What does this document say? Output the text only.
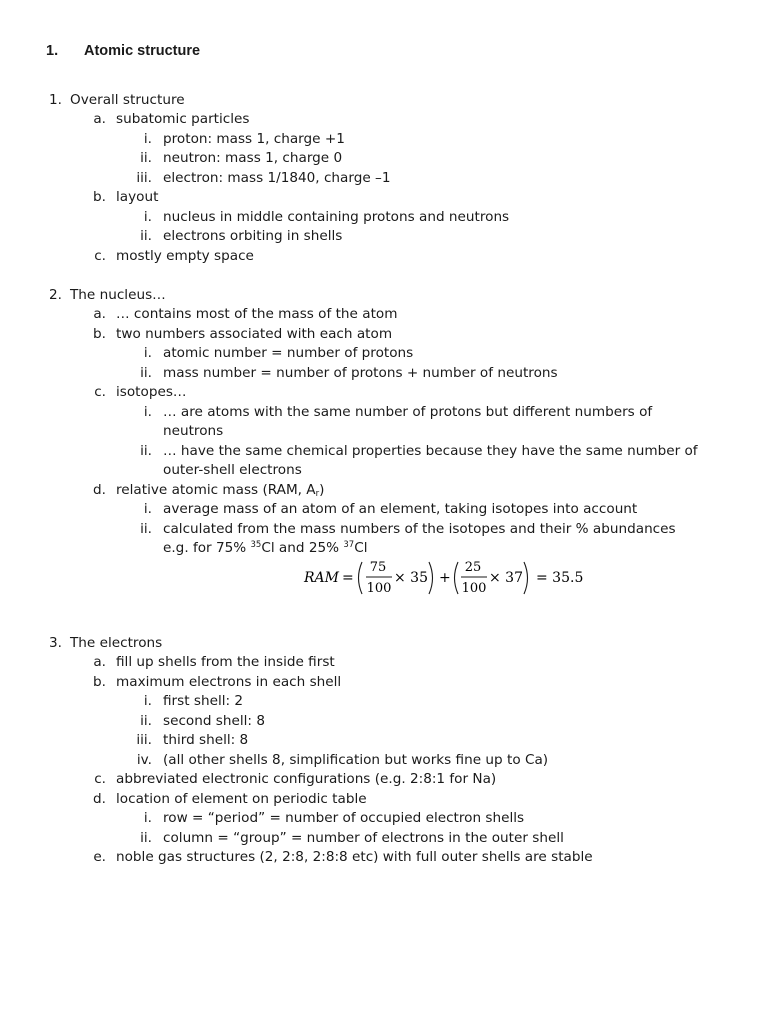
1. Atomic structure
1. Overall structure
a. subatomic particles
i. proton: mass 1, charge +1
ii. neutron: mass 1, charge 0
iii. electron: mass 1/1840, charge –1
b. layout
i. nucleus in middle containing protons and neutrons
ii. electrons orbiting in shells
c. mostly empty space
2. The nucleus…
a. … contains most of the mass of the atom
b. two numbers associated with each atom
i. atomic number = number of protons
ii. mass number = number of protons + number of neutrons
c. isotopes…
i. … are atoms with the same number of protons but different numbers of
neutrons
ii. … have the same chemical properties because they have the same number of
outer-shell electrons
d. relative atomic mass (RAM, $A_r$)
i. average mass of an atom of an element, taking isotopes into account
ii. calculated from the mass numbers of the isotopes and their % abundances
e.g. for 75% $^{35}$Cl and 25% $^{37}$Cl
RAM =
75
100
× 35 +
25
100
× 37 = 35.5
3. The electrons
a. fill up shells from the inside first
b. maximum electrons in each shell
i. first shell: 2
ii. second shell: 8
iii. third shell: 8
iv. (all other shells 8, simplification but works fine up to Ca)
c. abbreviated electronic configurations (e.g. 2:8:1 for Na)
d. location of element on periodic table
i. row = “period” = number of occupied electron shells
ii. column = “group” = number of electrons in the outer shell
e. noble gas structures (2, 2:8, 2:8:8 etc) with full outer shells are stable
